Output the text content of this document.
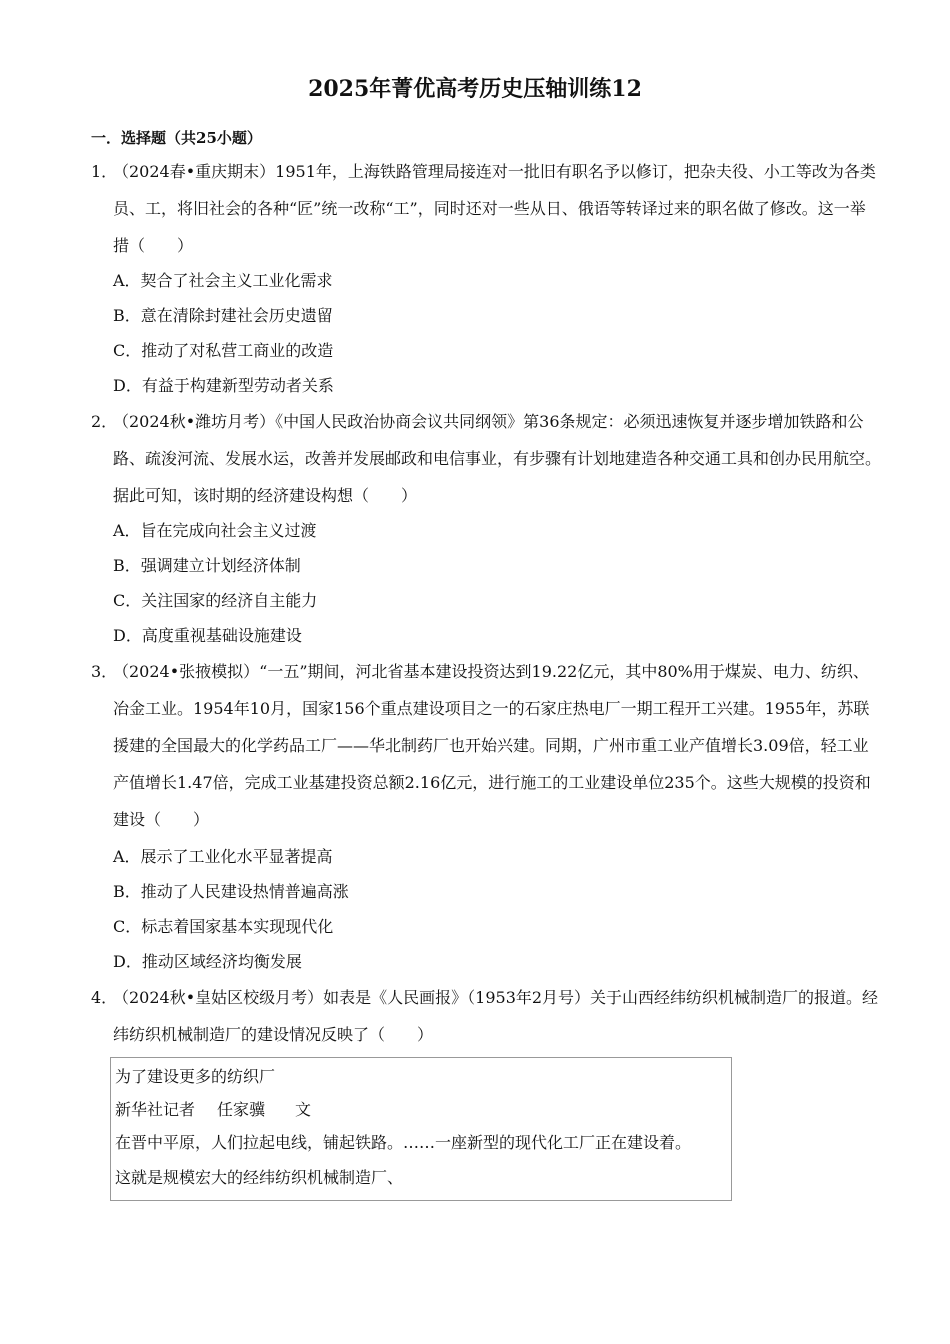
2025年菁优高考历史压轴训练12
一．选择题（共25小题）
1．
（2024春•重庆期末）1951年，上海铁路管理局接连对一批旧有职名予以修订，把杂夫役、小工等改为各类员、工，将旧社会的各种“匠”统一改称“工”，同时还对一些从日、俄语等转译过来的职名做了修改。这一举措（　　）
A．契合了社会主义工业化需求
B．意在清除封建社会历史遗留
C．推动了对私营工商业的改造
D．有益于构建新型劳动者关系
2．
（2024秋•潍坊月考）《中国人民政治协商会议共同纲领》第36条规定：必须迅速恢复并逐步增加铁路和公路、疏浚河流、发展水运，改善并发展邮政和电信事业，有步骤有计划地建造各种交通工具和创办民用航空。据此可知，该时期的经济建设构想（　　）
A．旨在完成向社会主义过渡
B．强调建立计划经济体制
C．关注国家的经济自主能力
D．高度重视基础设施建设
3．
（2024•张掖模拟）“一五”期间，河北省基本建设投资达到19.22亿元，其中80%用于煤炭、电力、纺织、冶金工业。1954年10月，国家156个重点建设项目之一的石家庄热电厂一期工程开工兴建。1955年，苏联援建的全国最大的化学药品工厂——华北制药厂也开始兴建。同期，广州市重工业产值增长3.09倍，轻工业产值增长1.47倍，完成工业基建投资总额2.16亿元，进行施工的工业建设单位235个。这些大规模的投资和建设（　　）
A．展示了工业化水平显著提高
B．推动了人民建设热情普遍高涨
C．标志着国家基本实现现代化
D．推动区域经济均衡发展
4．
（2024秋•皇姑区校级月考）如表是《人民画报》（1953年2月号）关于山西经纬纺织机械制造厂的报道。经纬纺织机械制造厂的建设情况反映了（　　）
为了建设更多的纺织厂
新华社记者 任家骥 文
在晋中平原，人们拉起电线，铺起铁路。……一座新型的现代化工厂正在建设着。
这就是规模宏大的经纬纺织机械制造厂、
